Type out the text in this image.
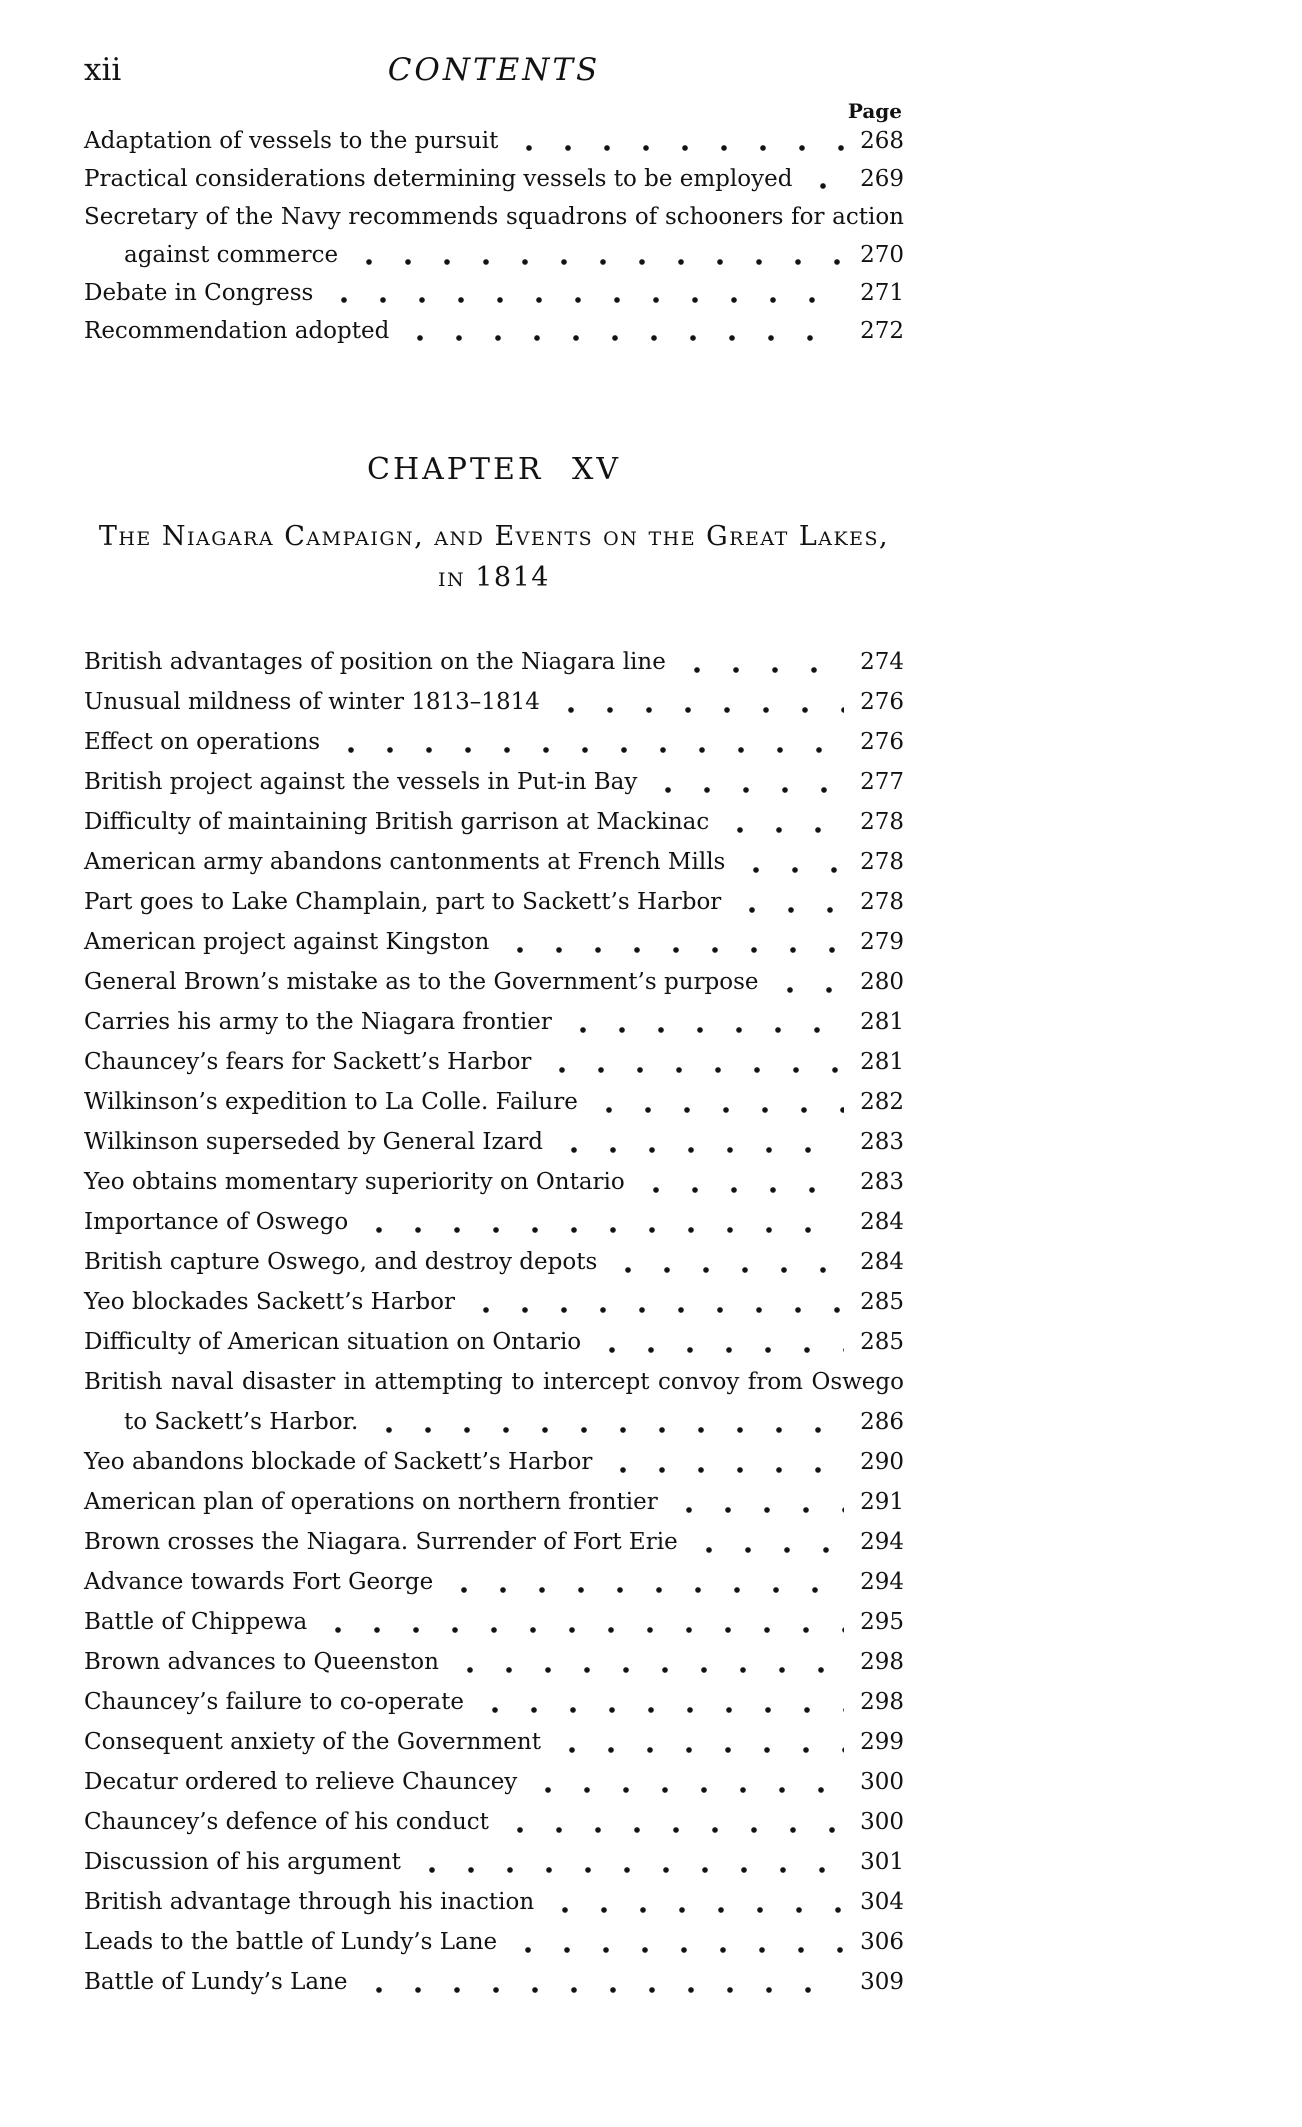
xii	CONTENTS
Page
Adaptation of vessels to the pursuit	268
Practical considerations determining vessels to be employed	269
Secretary of the Navy recommends squadrons of schooners for action
against commerce	270
Debate in Congress	271
Recommendation adopted	272
CHAPTER XV
The Niagara Campaign, and Events on the Great Lakes,
in 1814
British advantages of position on the Niagara line	274
Unusual mildness of winter 1813–1814	276
Effect on operations	276
British project against the vessels in Put-in Bay	277
Difficulty of maintaining British garrison at Mackinac	278
American army abandons cantonments at French Mills	278
Part goes to Lake Champlain, part to Sackett’s Harbor	278
American project against Kingston	279
General Brown’s mistake as to the Government’s purpose	280
Carries his army to the Niagara frontier	281
Chauncey’s fears for Sackett’s Harbor	281
Wilkinson’s expedition to La Colle. Failure	282
Wilkinson superseded by General Izard	283
Yeo obtains momentary superiority on Ontario	283
Importance of Oswego	284
British capture Oswego, and destroy depots	284
Yeo blockades Sackett’s Harbor	285
Difficulty of American situation on Ontario	285
British naval disaster in attempting to intercept convoy from Oswego
to Sackett’s Harbor.	286
Yeo abandons blockade of Sackett’s Harbor	290
American plan of operations on northern frontier	291
Brown crosses the Niagara. Surrender of Fort Erie	294
Advance towards Fort George	294
Battle of Chippewa	295
Brown advances to Queenston	298
Chauncey’s failure to co-operate	298
Consequent anxiety of the Government	299
Decatur ordered to relieve Chauncey	300
Chauncey’s defence of his conduct	300
Discussion of his argument	301
British advantage through his inaction	304
Leads to the battle of Lundy’s Lane	306
Battle of Lundy’s Lane	309
